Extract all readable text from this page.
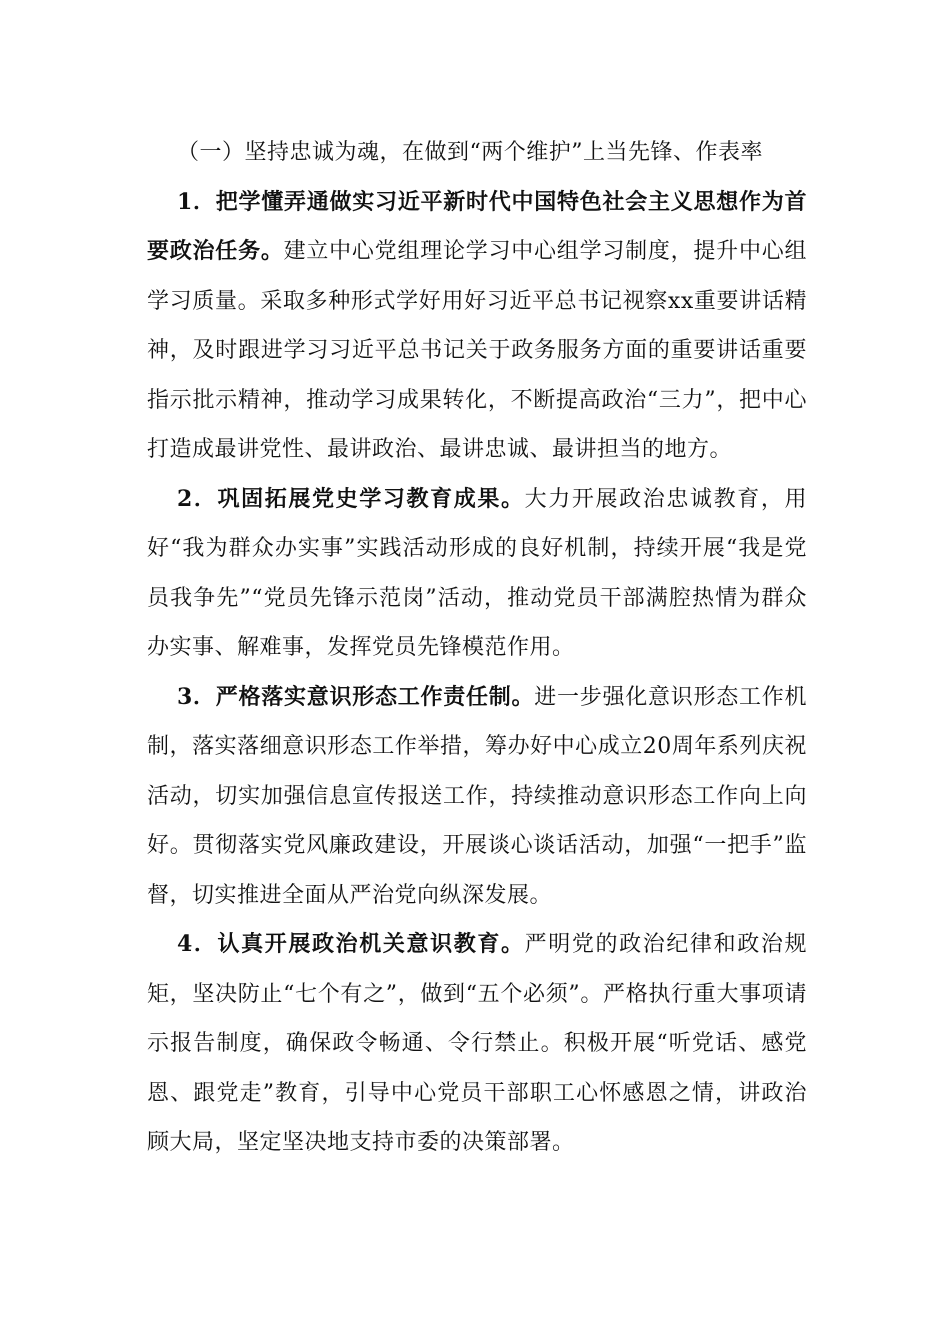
（一）坚持忠诚为魂，在做到“两个维护”上当先锋、作表率

1．把学懂弄通做实习近平新时代中国特色社会主义思想作为首要政治任务。建立中心党组理论学习中心组学习制度，提升中心组学习质量。采取多种形式学好用好习近平总书记视察xx重要讲话精神，及时跟进学习习近平总书记关于政务服务方面的重要讲话重要指示批示精神，推动学习成果转化，不断提高政治“三力”，把中心打造成最讲党性、最讲政治、最讲忠诚、最讲担当的地方。

2．巩固拓展党史学习教育成果。大力开展政治忠诚教育，用好“我为群众办实事”实践活动形成的良好机制，持续开展“我是党员我争先”“党员先锋示范岗”活动，推动党员干部满腔热情为群众办实事、解难事，发挥党员先锋模范作用。

3．严格落实意识形态工作责任制。进一步强化意识形态工作机制，落实落细意识形态工作举措，筹办好中心成立20周年系列庆祝活动，切实加强信息宣传报送工作，持续推动意识形态工作向上向好。贯彻落实党风廉政建设，开展谈心谈话活动，加强“一把手”监督，切实推进全面从严治党向纵深发展。

4．认真开展政治机关意识教育。严明党的政治纪律和政治规矩，坚决防止“七个有之”，做到“五个必须”。严格执行重大事项请示报告制度，确保政令畅通、令行禁止。积极开展“听党话、感党恩、跟党走”教育，引导中心党员干部职工心怀感恩之情，讲政治顾大局，坚定坚决地支持市委的决策部署。
